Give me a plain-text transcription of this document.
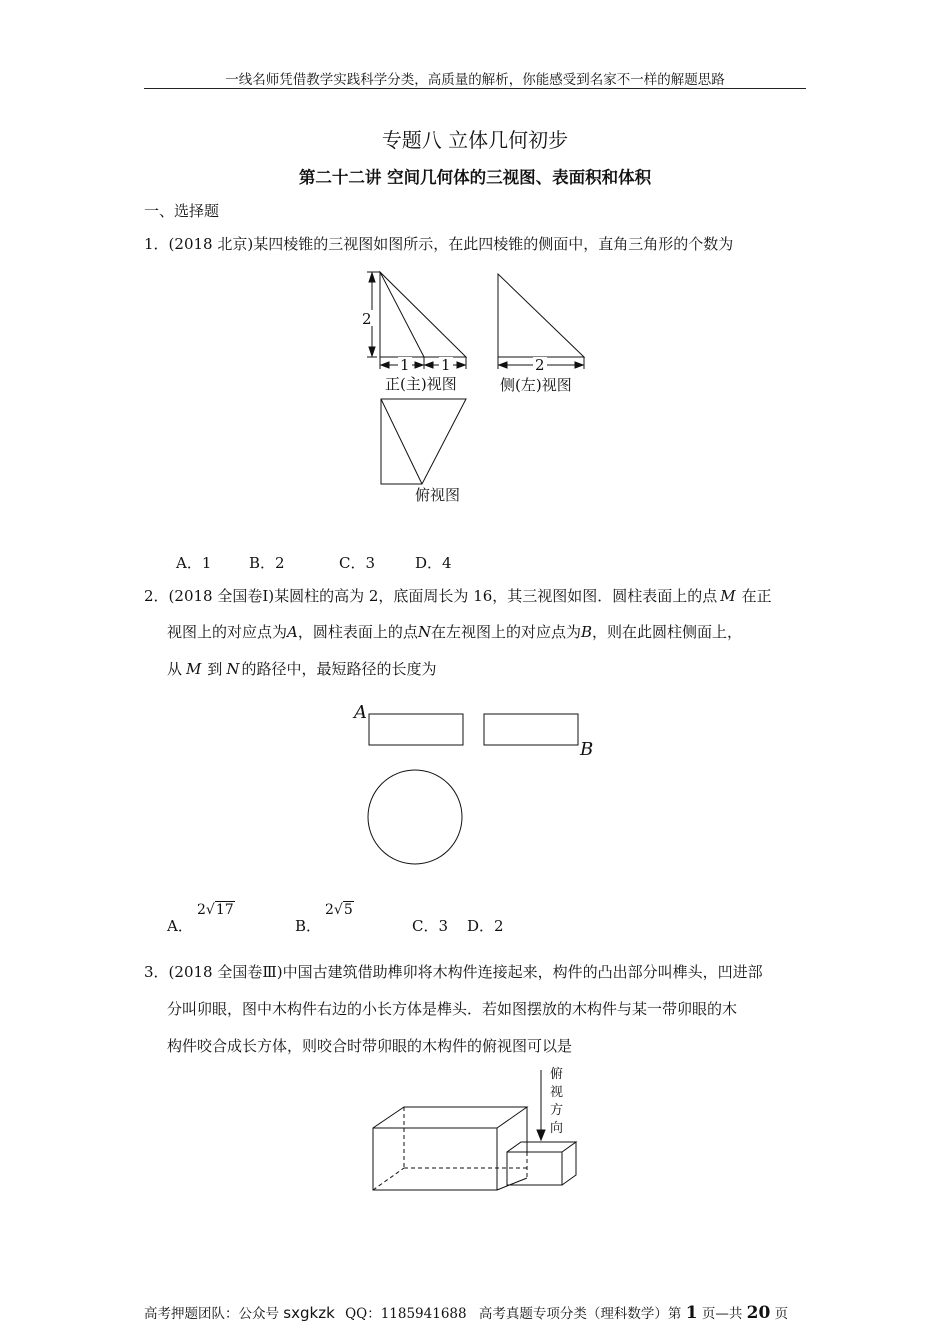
一线名师凭借教学实践科学分类，高质量的解析，你能感受到名家不一样的解题思路
专题八 立体几何初步
第二十二讲 空间几何体的三视图、表面积和体积
一、选择题
1．(2018 北京)某四棱锥的三视图如图所示，在此四棱锥的侧面中，直角三角形的个数为
2
1 1	2
正(主)视图	侧(左)视图
俯视图
A．1	B．2	C．3	D．4
2．(2018 全国卷Ⅰ)某圆柱的高为 2，底面周长为 16，其三视图如图．圆柱表面上的点 M 在正
视图上的对应点为A，圆柱表面上的点N在左视图上的对应点为B，则在此圆柱侧面上，
从 M 到 N 的路径中，最短路径的长度为
A
B
A．
2√17
B．
2√5
C．3 D．2
3．(2018 全国卷Ⅲ)中国古建筑借助榫卯将木构件连接起来，构件的凸出部分叫榫头，凹进部
分叫卯眼，图中木构件右边的小长方体是榫头．若如图摆放的木构件与某一带卯眼的木
构件咬合成长方体，则咬合时带卯眼的木构件的俯视图可以是
俯
视
方
向
高考押题团队：公众号 sxgkzk QQ：1185941688 高考真题专项分类（理科数学）第 1 页—共 20 页
